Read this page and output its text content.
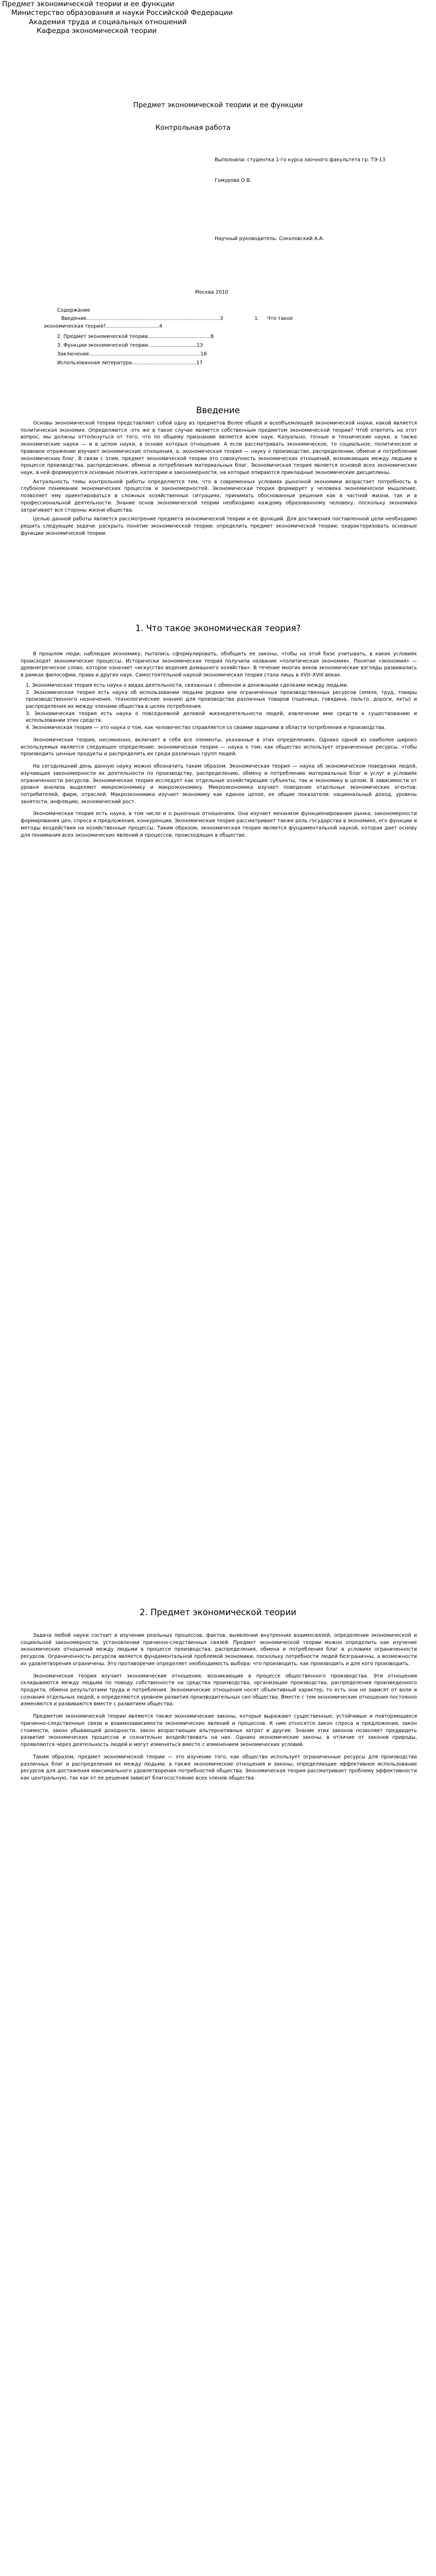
Предмет экономической теории и ее функции
Министерство образования и науки Российской Федерации
Академия труда и социальных отношений
Кафедра экономической теории
Предмет экономической теории и ее функции
Контрольная работа
Выполнила: студентка 1-го курса заочного факультета гр. ТЭ-13
Гомурова О.В.
Научный руководитель: Соколовский А.А.
Москва 2010
Содержание
Введение.....................................................................................3                    1.     Что такое
экономическая теория?..................................4
2. Предмет экономической теории........................................8
3. Функции экономической теории...............................13
Заключение.......................................................................16
Использованная литература.........................................17
Введение

Основы экономической теории представляют собой одну из предметов Волее общей и всеобъемлющей экономической науки, какой является политическая экономия. Определяются -это же в такое случае является собственным предметом экономической теории? Чтоб ответить на этот вопрос, мы должны оттолкнуться от того, что по общему признанию является всем наук. Казуально, точные и технические науки, а также экономические науки — и в целом науки, в основе которых отношения. А если рассматривать экономическое, то социальное, политическое и правовое отражение изучают экономические отношения, а, экономическая теория — науку о производстве, распределении, обмене и потреблении экономических благ. В связи с этим, предмет экономической теории это совокупность экономических отношений, возникающих между людьми в процессе производства, распределения, обмена и потребления материальных благ. Экономическая теория является основой всех экономических наук, в ней формируются основные понятия, категории и закономерности, на которые опираются прикладные экономические дисциплины.

Актуальность темы контрольной работы определяется тем, что в современных условиях рыночной экономики возрастает потребность в глубоком понимании экономических процессов и закономерностей. Экономическая теория формирует у человека экономическое мышление, позволяет ему ориентироваться в сложных хозяйственных ситуациях, принимать обоснованные решения как в частной жизни, так и в профессиональной деятельности. Знание основ экономической теории необходимо каждому образованному человеку, поскольку экономика затрагивает все стороны жизни общества.

Целью данной работы является рассмотрение предмета экономической теории и ее функций. Для достижения поставленной цели необходимо решить следующие задачи: раскрыть понятие экономической теории; определить предмет экономической теории; охарактеризовать основные функции экономической теории.

1. Что такое экономическая теория?

В прошлом люди, наблюдая экономику, пытались сформулировать, обобщить ее законы, чтобы на этой базе учитывать, в каких условиях происходят экономические процессы. Исторически экономическая теория получила название «политическая экономия». Понятие «экономия» — древнегреческое слово, которое означает «искусство ведения домашнего хозяйства». В течение многих веков экономические взгляды развивались в рамках философии, права и других наук. Самостоятельной наукой экономическая теория стала лишь в XVII–XVIII веках.

1. Экономическая теория есть наука о видах деятельности, связанных с обменом и денежными сделками между людьми.

2. Экономическая теория есть наука об использовании людьми редких или ограниченных производственных ресурсов (земля, труд, товары производственного назначения, технологические знания) для производства различных товаров (пшеница, говядина, пальто, дороги, яхты) и распределения их между членами общества в целях потребления.

3. Экономическая теория есть наука о повседневной деловой жизнедеятельности людей, извлечении ими средств к существованию и использовании этих средств.

4. Экономическая теория — это наука о том, как человечество справляется со своими задачами в области потребления и производства.

Экономическая теория, несомненно, включает в себя все элементы, указанные в этих определениях. Однако одной из наиболее широко используемых является следующее определение: экономическая теория — наука о том, как общество использует ограниченные ресурсы, чтобы производить ценные продукты и распределять их среди различных групп людей.

На сегодняшний день данную науку можно обозначить таким образом. Экономическая теория — наука об экономическом поведении людей, изучающая закономерности их деятельности по производству, распределению, обмену и потреблению материальных благ и услуг в условиях ограниченности ресурсов. Экономическая теория исследует как отдельные хозяйствующие субъекты, так и экономику в целом. В зависимости от уровня анализа выделяют микроэкономику и макроэкономику. Микроэкономика изучает поведение отдельных экономических агентов: потребителей, фирм, отраслей. Макроэкономика изучает экономику как единое целое, ее общие показатели: национальный доход, уровень занятости, инфляцию, экономический рост.

Экономическая теория есть наука, в том числе и о рыночных отношениях. Она изучает механизм функционирования рынка, закономерности формирования цен, спроса и предложения, конкуренции. Экономическая теория рассматривает также роль государства в экономике, его функции и методы воздействия на хозяйственные процессы. Таким образом, экономическая теория является фундаментальной наукой, которая дает основу для понимания всех экономических явлений и процессов, происходящих в обществе.

2. Предмет экономической теории

Задача любой науки состоит в изучении реальных процессов, фактов, выявлении внутренних взаимосвязей, определении экономической и социальной закономерности, установлении причинно-следственных связей. Предмет экономической теории можно определить как изучение экономических отношений между людьми в процессе производства, распределения, обмена и потребления благ в условиях ограниченности ресурсов. Ограниченность ресурсов является фундаментальной проблемой экономики, поскольку потребности людей безграничны, а возможности их удовлетворения ограничены. Это противоречие определяет необходимость выбора: что производить, как производить и для кого производить.

Экономическая теория изучает экономические отношения, возникающие в процессе общественного производства. Эти отношения складываются между людьми по поводу собственности на средства производства, организации производства, распределения произведенного продукта, обмена результатами труда и потребления. Экономические отношения носят объективный характер, то есть они не зависят от воли и сознания отдельных людей, а определяются уровнем развития производительных сил общества. Вместе с тем экономические отношения постоянно изменяются и развиваются вместе с развитием общества.

Предметом экономической теории являются также экономические законы, которые выражают существенные, устойчивые и повторяющиеся причинно-следственные связи и взаимозависимости экономических явлений и процессов. К ним относятся закон спроса и предложения, закон стоимости, закон убывающей доходности, закон возрастающих альтернативных затрат и другие. Знание этих законов позволяет предвидеть развитие экономических процессов и сознательно воздействовать на них. Однако экономические законы, в отличие от законов природы, проявляются через деятельность людей и могут изменяться вместе с изменением экономических условий.

Таким образом, предмет экономической теории — это изучение того, как общество использует ограниченные ресурсы для производства различных благ и распределения их между людьми, а также экономические отношения и законы, определяющие эффективное использование ресурсов для достижения максимального удовлетворения потребностей общества. Экономическая теория рассматривает проблему эффективности как центральную, так как от ее решения зависит благосостояние всех членов общества.
